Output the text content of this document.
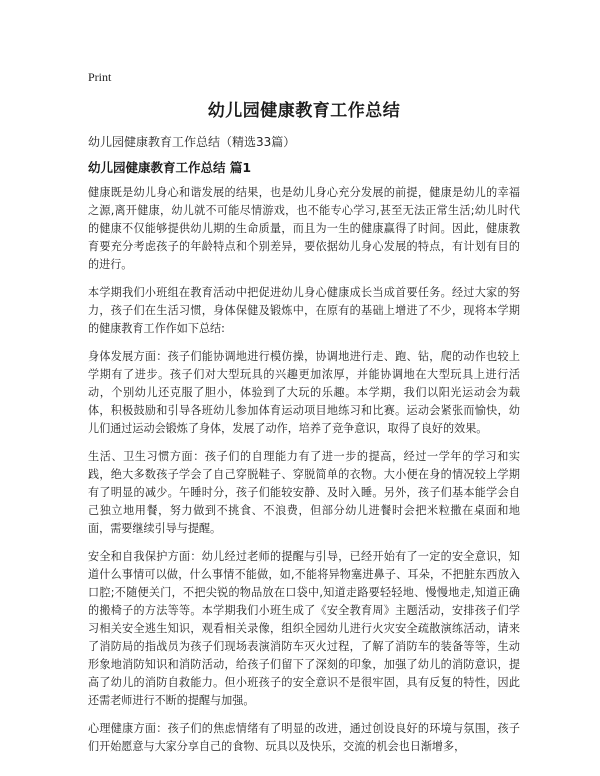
Print
幼儿园健康教育工作总结
幼儿园健康教育工作总结（精选33篇）
幼儿园健康教育工作总结 篇1

健康既是幼儿身心和谐发展的结果，也是幼儿身心充分发展的前提，健康是幼儿的幸福之源,离开健康，幼儿就不可能尽情游戏，也不能专心学习,甚至无法正常生活;幼儿时代的健康不仅能够提供幼儿期的生命质量，而且为一生的健康赢得了时间。因此，健康教育要充分考虑孩子的年龄特点和个别差异，要依据幼儿身心发展的特点，有计划有目的的进行。

本学期我们小班组在教育活动中把促进幼儿身心健康成长当成首要任务。经过大家的努力，孩子们在生活习惯，身体保健及锻炼中，在原有的基础上增进了不少，现将本学期的健康教育工作作如下总结:

身体发展方面：孩子们能协调地进行模仿操，协调地进行走、跑、钻，爬的动作也较上学期有了进步。孩子们对大型玩具的兴趣更加浓厚，并能协调地在大型玩具上进行活动，个别幼儿还克服了胆小，体验到了大玩的乐趣。本学期，我们以阳光运动会为载体，积极鼓励和引导各班幼儿参加体育运动项目地练习和比赛。运动会紧张而愉快，幼儿们通过运动会锻炼了身体，发展了动作，培养了竞争意识，取得了良好的效果。

生活、卫生习惯方面：孩子们的自理能力有了进一步的提高，经过一学年的学习和实践，绝大多数孩子学会了自己穿脱鞋子、穿脱简单的衣物。大小便在身的情况较上学期有了明显的减少。午睡时分，孩子们能较安静、及时入睡。另外，孩子们基本能学会自己独立地用餐，努力做到不挑食、不浪费，但部分幼儿进餐时会把米粒撒在桌面和地面，需要继续引导与提醒。

安全和自我保护方面：幼儿经过老师的提醒与引导，已经开始有了一定的安全意识，知道什么事情可以做，什么事情不能做，如,不能将异物塞进鼻子、耳朵，不把脏东西放入口腔;不随便关门，不把尖锐的物品放在口袋中,知道走路要轻轻地、慢慢地走,知道正确的搬椅子的方法等等。本学期我们小班生成了《安全教育周》主题活动，安排孩子们学习相关安全逃生知识，观看相关录像，组织全园幼儿进行火灾安全疏散演练活动，请来了消防局的指战员为孩子们现场表演消防车灭火过程，了解了消防车的装备等等，生动形象地消防知识和消防活动，给孩子们留下了深刻的印象，加强了幼儿的消防意识，提高了幼儿的消防自救能力。但小班孩子的安全意识不是很牢固，具有反复的特性，因此还需老师进行不断的提醒与加强。

心理健康方面：孩子们的焦虑情绪有了明显的改进，通过创设良好的环境与氛围，孩子们开始愿意与大家分享自己的食物、玩具以及快乐，交流的机会也日渐增多，
